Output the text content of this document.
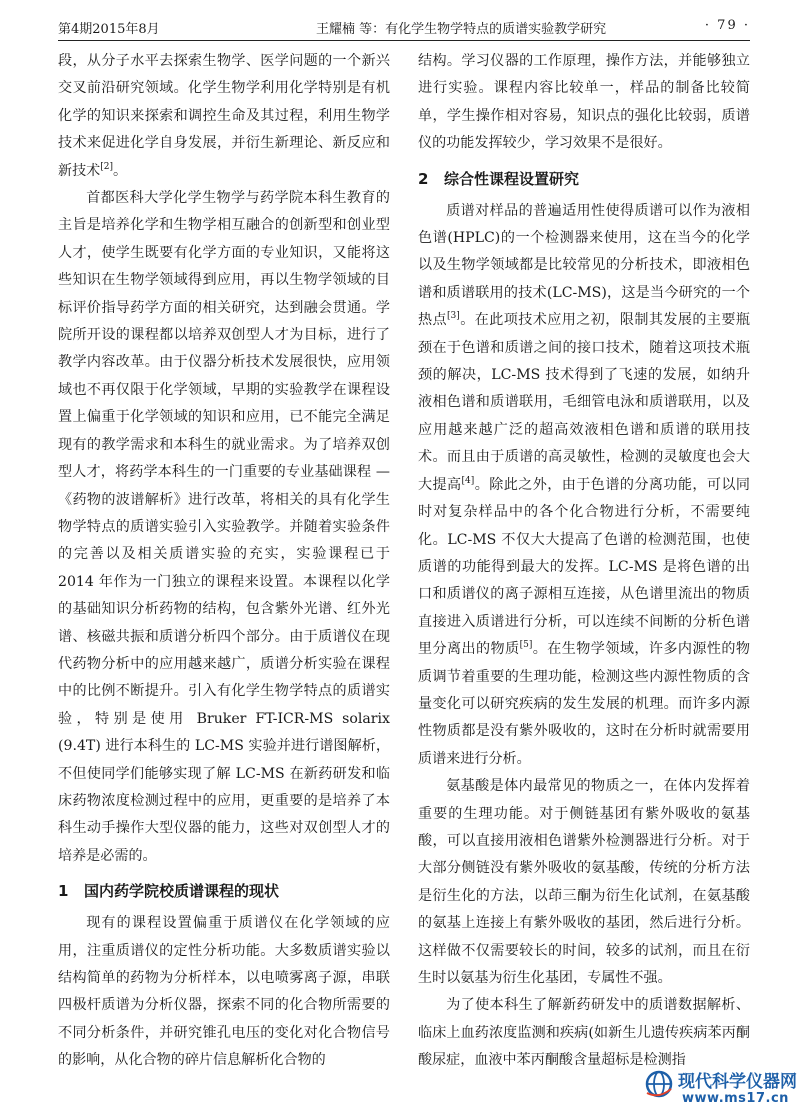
第4期2015年8月	王耀楠 等：有化学生物学特点的质谱实验教学研究	· 79 ·

段，从分子水平去探索生物学、医学问题的一个新兴交叉前沿研究领域。化学生物学利用化学特别是有机化学的知识来探索和调控生命及其过程，利用生物学技术来促进化学自身发展，并衍生新理论、新反应和新技术[2]。

首都医科大学化学生物学与药学院本科生教育的主旨是培养化学和生物学相互融合的创新型和创业型人才，使学生既要有化学方面的专业知识，又能将这些知识在生物学领域得到应用，再以生物学领域的目标评价指导药学方面的相关研究，达到融会贯通。学院所开设的课程都以培养双创型人才为目标，进行了教学内容改革。由于仪器分析技术发展很快，应用领域也不再仅限于化学领域，早期的实验教学在课程设置上偏重于化学领域的知识和应用，已不能完全满足现有的教学需求和本科生的就业需求。为了培养双创型人才，将药学本科生的一门重要的专业基础课程 — 《药物的波谱解析》进行改革，将相关的具有化学生物学特点的质谱实验引入实验教学。并随着实验条件的完善以及相关质谱实验的充实，实验课程已于 2014 年作为一门独立的课程来设置。本课程以化学的基础知识分析药物的结构，包含紫外光谱、红外光谱、核磁共振和质谱分析四个部分。由于质谱仪在现代药物分析中的应用越来越广，质谱分析实验在课程中的比例不断提升。引入有化学生物学特点的质谱实验，特别是使用 Bruker FT-ICR-MS solarix (9.4T) 进行本科生的 LC-MS 实验并进行谱图解析，不但使同学们能够实现了解 LC-MS 在新药研发和临床药物浓度检测过程中的应用，更重要的是培养了本科生动手操作大型仪器的能力，这些对双创型人才的培养是必需的。

1 国内药学院校质谱课程的现状

现有的课程设置偏重于质谱仪在化学领域的应用，注重质谱仪的定性分析功能。大多数质谱实验以结构简单的药物为分析样本，以电喷雾离子源，串联四极杆质谱为分析仪器，探索不同的化合物所需要的不同分析条件，并研究锥孔电压的变化对化合物信号的影响，从化合物的碎片信息解析化合物的

结构。学习仪器的工作原理，操作方法，并能够独立进行实验。课程内容比较单一，样品的制备比较简单，学生操作相对容易，知识点的强化比较弱，质谱仪的功能发挥较少，学习效果不是很好。

2 综合性课程设置研究

质谱对样品的普遍适用性使得质谱可以作为液相色谱(HPLC)的一个检测器来使用，这在当今的化学以及生物学领域都是比较常见的分析技术，即液相色谱和质谱联用的技术(LC-MS)，这是当今研究的一个热点[3]。在此项技术应用之初，限制其发展的主要瓶颈在于色谱和质谱之间的接口技术，随着这项技术瓶颈的解决，LC-MS 技术得到了飞速的发展，如纳升液相色谱和质谱联用，毛细管电泳和质谱联用，以及应用越来越广泛的超高效液相色谱和质谱的联用技术。而且由于质谱的高灵敏性，检测的灵敏度也会大大提高[4]。除此之外，由于色谱的分离功能，可以同时对复杂样品中的各个化合物进行分析，不需要纯化。LC-MS 不仅大大提高了色谱的检测范围，也使质谱的功能得到最大的发挥。LC-MS 是将色谱的出口和质谱仪的离子源相互连接，从色谱里流出的物质直接进入质谱进行分析，可以连续不间断的分析色谱里分离出的物质[5]。在生物学领域，许多内源性的物质调节着重要的生理功能，检测这些内源性物质的含量变化可以研究疾病的发生发展的机理。而许多内源性物质都是没有紫外吸收的，这时在分析时就需要用质谱来进行分析。

氨基酸是体内最常见的物质之一，在体内发挥着重要的生理功能。对于侧链基团有紫外吸收的氨基酸，可以直接用液相色谱紫外检测器进行分析。对于大部分侧链没有紫外吸收的氨基酸，传统的分析方法是衍生化的方法，以茚三酮为衍生化试剂，在氨基酸的氨基上连接上有紫外吸收的基团，然后进行分析。这样做不仅需要较长的时间，较多的试剂，而且在衍生时以氨基为衍生化基团，专属性不强。

为了使本科生了解新药研发中的质谱数据解析、临床上血药浓度监测和疾病(如新生儿遗传疾病苯丙酮酸尿症，血液中苯丙酮酸含量超标是检测指

现代科学仪器网
www.ms17.cn
